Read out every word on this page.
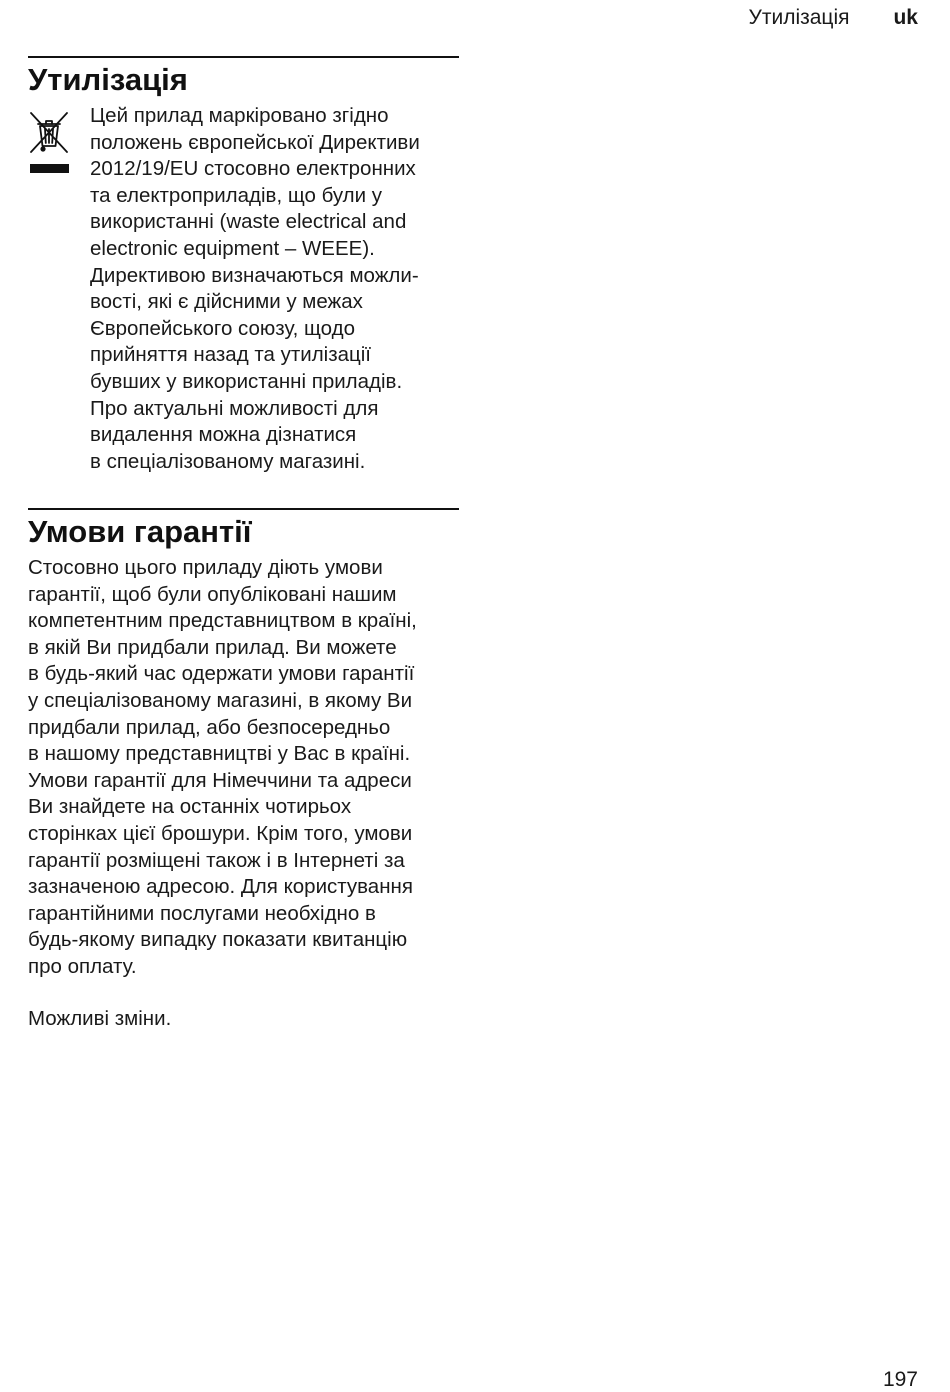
Утилізація uk
Утилізація
Цей прилад маркіровано згідно
положень європейської Директиви
2012/19/EU стосовно електронних
та електроприладів, що були у
використанні (waste electrical and
electronic equipment – WEEE).
Директивою визначаються можли-
вості, які є дійсними у межах
Європейського союзу, щодо
прийняття назад та утилізації
бувших у використанні приладів.
Про актуальні можливості для
видалення можна дізнатися
в спеціалізованому магазині.
Умови гарантії
Стосовно цього приладу діють умови
гарантії, щоб були опубліковані нашим
компетентним представництвом в країні,
в якій Ви придбали прилад. Ви можете
в будь-який час одержати умови гарантії
у спеціалізованому магазині, в якому Ви
придбали прилад, або безпосередньо
в нашому представництві у Вас в країні.
Умови гарантії для Німеччини та адреси
Ви знайдете на останніх чотирьох
сторінках цієї брошури. Крім того, умови
гарантії розміщені також і в Інтернеті за
зазначеною адресою. Для користування
гарантійними послугами необхідно в
будь-якому випадку показати квитанцію
про оплату.

Можливі зміни.

197
